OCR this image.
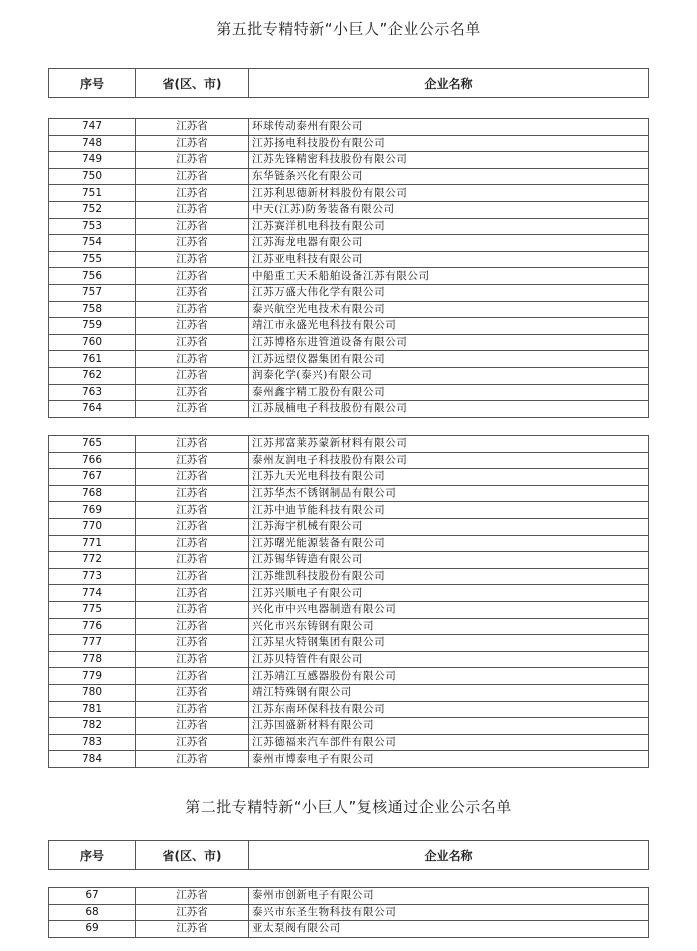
第五批专精特新“小巨人”企业公示名单
序号	省(区、市)	企业名称
747	江苏省	环球传动泰州有限公司
748	江苏省	江苏扬电科技股份有限公司
749	江苏省	江苏先锋精密科技股份有限公司
750	江苏省	东华链条兴化有限公司
751	江苏省	江苏利思德新材料股份有限公司
752	江苏省	中天(江苏)防务装备有限公司
753	江苏省	江苏赛洋机电科技有限公司
754	江苏省	江苏海龙电器有限公司
755	江苏省	江苏亚电科技有限公司
756	江苏省	中船重工天禾船舶设备江苏有限公司
757	江苏省	江苏万盛大伟化学有限公司
758	江苏省	泰兴航空光电技术有限公司
759	江苏省	靖江市永盛光电科技有限公司
760	江苏省	江苏博格东进管道设备有限公司
761	江苏省	江苏远望仪器集团有限公司
762	江苏省	润泰化学(泰兴)有限公司
763	江苏省	泰州鑫宇精工股份有限公司
764	江苏省	江苏晟楠电子科技股份有限公司
765	江苏省	江苏邦富莱苏蒙新材料有限公司
766	江苏省	泰州友润电子科技股份有限公司
767	江苏省	江苏九天光电科技有限公司
768	江苏省	江苏华杰不锈钢制品有限公司
769	江苏省	江苏中迪节能科技有限公司
770	江苏省	江苏海宇机械有限公司
771	江苏省	江苏曙光能源装备有限公司
772	江苏省	江苏锡华铸造有限公司
773	江苏省	江苏维凯科技股份有限公司
774	江苏省	江苏兴顺电子有限公司
775	江苏省	兴化市中兴电器制造有限公司
776	江苏省	兴化市兴东铸钢有限公司
777	江苏省	江苏星火特钢集团有限公司
778	江苏省	江苏贝特管件有限公司
779	江苏省	江苏靖江互感器股份有限公司
780	江苏省	靖江特殊钢有限公司
781	江苏省	江苏东南环保科技有限公司
782	江苏省	江苏国盛新材料有限公司
783	江苏省	江苏德福来汽车部件有限公司
784	江苏省	泰州市博泰电子有限公司
第二批专精特新“小巨人”复核通过企业公示名单
序号	省(区、市)	企业名称
67	江苏省	泰州市创新电子有限公司
68	江苏省	泰兴市东圣生物科技有限公司
69	江苏省	亚太泵阀有限公司
